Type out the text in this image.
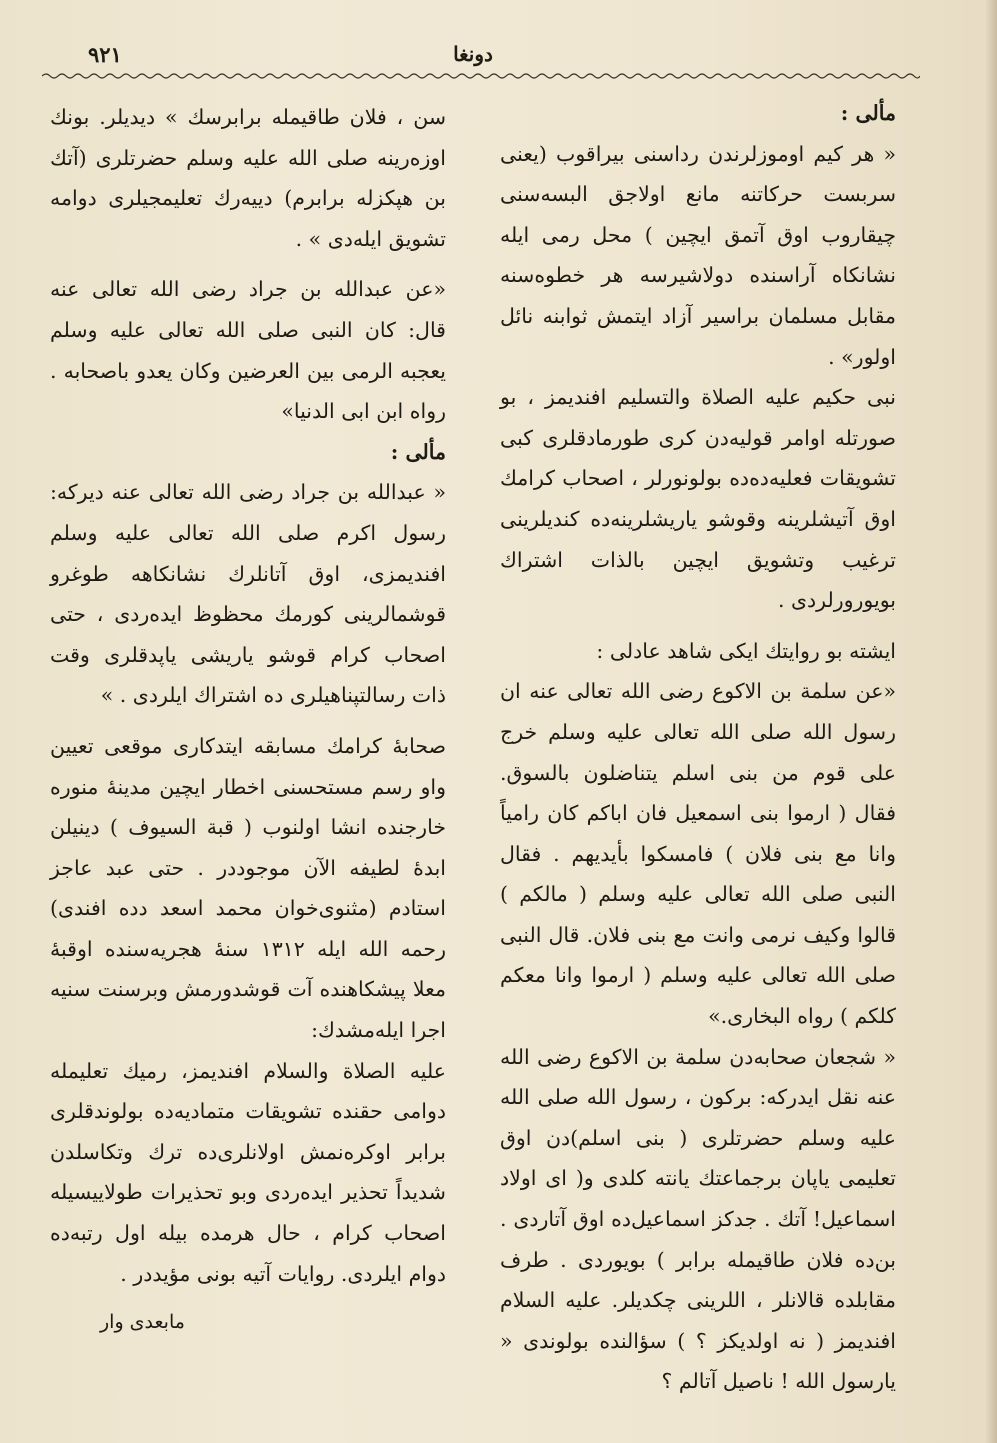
٩٢١	دونغا

مألی :

« هر کیم اوموزلرندن رداسنی بیراقوب (یعنی سربست حرکاتنه مانع اولاجق البسه‌سنی چیقاروب اوق آتمق ایچین ) محل رمی ایله نشانکاه آراسنده دولاشیرسه هر خطوه‌سنه مقابل مسلمان براسیر آزاد ایتمش ثوابنه نائل اولور» .

نبی حکیم علیه الصلاة والتسلیم افندیمز ، بو صورتله اوامر قولیه‌دن کری طورمادقلری کبی تشویقات فعلیه‌ده‌ده بولونورلر ، اصحاب کرامك اوق آتیشلرینه وقوشو یاریشلرینه‌ده کندیلرینی ترغیب وتشویق ایچین بالذات اشتراك بویورورلردی .

ایشته بو روایتك ایکی شاهد عادلی :

«عن سلمة بن الاکوع رضی الله تعالی عنه ان رسول الله صلی الله تعالی علیه وسلم خرج علی قوم من بنی اسلم یتناضلون بالسوق. فقال ( ارموا بنی اسمعیل فان اباکم کان رامیاً وانا مع بنی فلان ) فامسکوا بأیدیهم . فقال النبی صلی الله تعالی علیه وسلم ( مالکم ) قالوا وکیف نرمی وانت مع بنی فلان. قال النبی صلی الله تعالی علیه وسلم ( ارموا وانا معکم کلکم ) رواه البخاری.»

« شجعان صحابه‌دن سلمة بن الاکوع رضی الله عنه نقل ایدرکه: برکون ، رسول الله صلی الله علیه وسلم حضرتلری ( بنی اسلم)دن اوق تعلیمی یاپان برجماعتك یانته کلدی و( ای اولاد اسماعیل! آتك . جدکز اسماعیل‌ده اوق آتاردی . بن‌ده فلان طاقیمله برابر ) بویوردی . طرف مقابلده قالانلر ، اللرینی چکدیلر. علیه السلام افندیمز ( نه اولدیکز ؟ ) سؤالنده بولوندی « یارسول الله ! ناصیل آتالم ؟

سن ، فلان طاقیمله برابرسك » دیدیلر. بونك اوزه‌رینه صلی الله علیه وسلم حضرتلری (آتك بن هپکزله برابرم) دییه‌رك تعلیمجیلری دوامه تشویق ایله‌دی » .

«عن عبدالله بن جراد رضی الله تعالی عنه قال: کان النبی صلی الله تعالی علیه وسلم یعجبه الرمی بین العرضین وکان یعدو باصحابه . رواه ابن ابی الدنیا»

مألی :

« عبدالله بن جراد رضی الله تعالی عنه دیرکه: رسول اکرم صلی الله تعالی علیه وسلم افندیمزی، اوق آتانلرك نشانکاهه طوغرو قوشمالرینی کورمك محظوظ ایده‌ردی ، حتی اصحاب کرام قوشو یاریشی یاپدقلری وقت ذات رسالتپناهیلری ده اشتراك ایلردی . »

صحابهٔ کرامك مسابقه ایتدکاری موقعی تعیین واو رسم مستحسنی اخطار ایچین مدینهٔ منوره خارجنده انشا اولنوب ( قبة السیوف ) دینیلن ابدهٔ لطیفه الآن موجوددر . حتی عبد عاجز استادم (مثنوی‌خوان محمد اسعد دده افندی) رحمه الله ایله ١٣١٢ سنهٔ هجریه‌سنده اوقبه‌ٔ معلا پیشکاهنده آت قوشدورمش وبرسنت سنیه اجرا ایله‌مشدك:

علیه الصلاة والسلام افندیمز، رمیك تعلیمله دوامی حقنده تشویقات متمادیه‌ده بولوندقلری برابر اوکره‌نمش اولانلری‌ده ترك وتکاسلدن شدیداً تحذیر ایده‌ردی وبو تحذیرات طولاییسیله اصحاب کرام ، حال هرمده بیله اول رتبه‌ده دوام ایلردی. روایات آتیه بونی مؤیددر .

مابعدی وار
